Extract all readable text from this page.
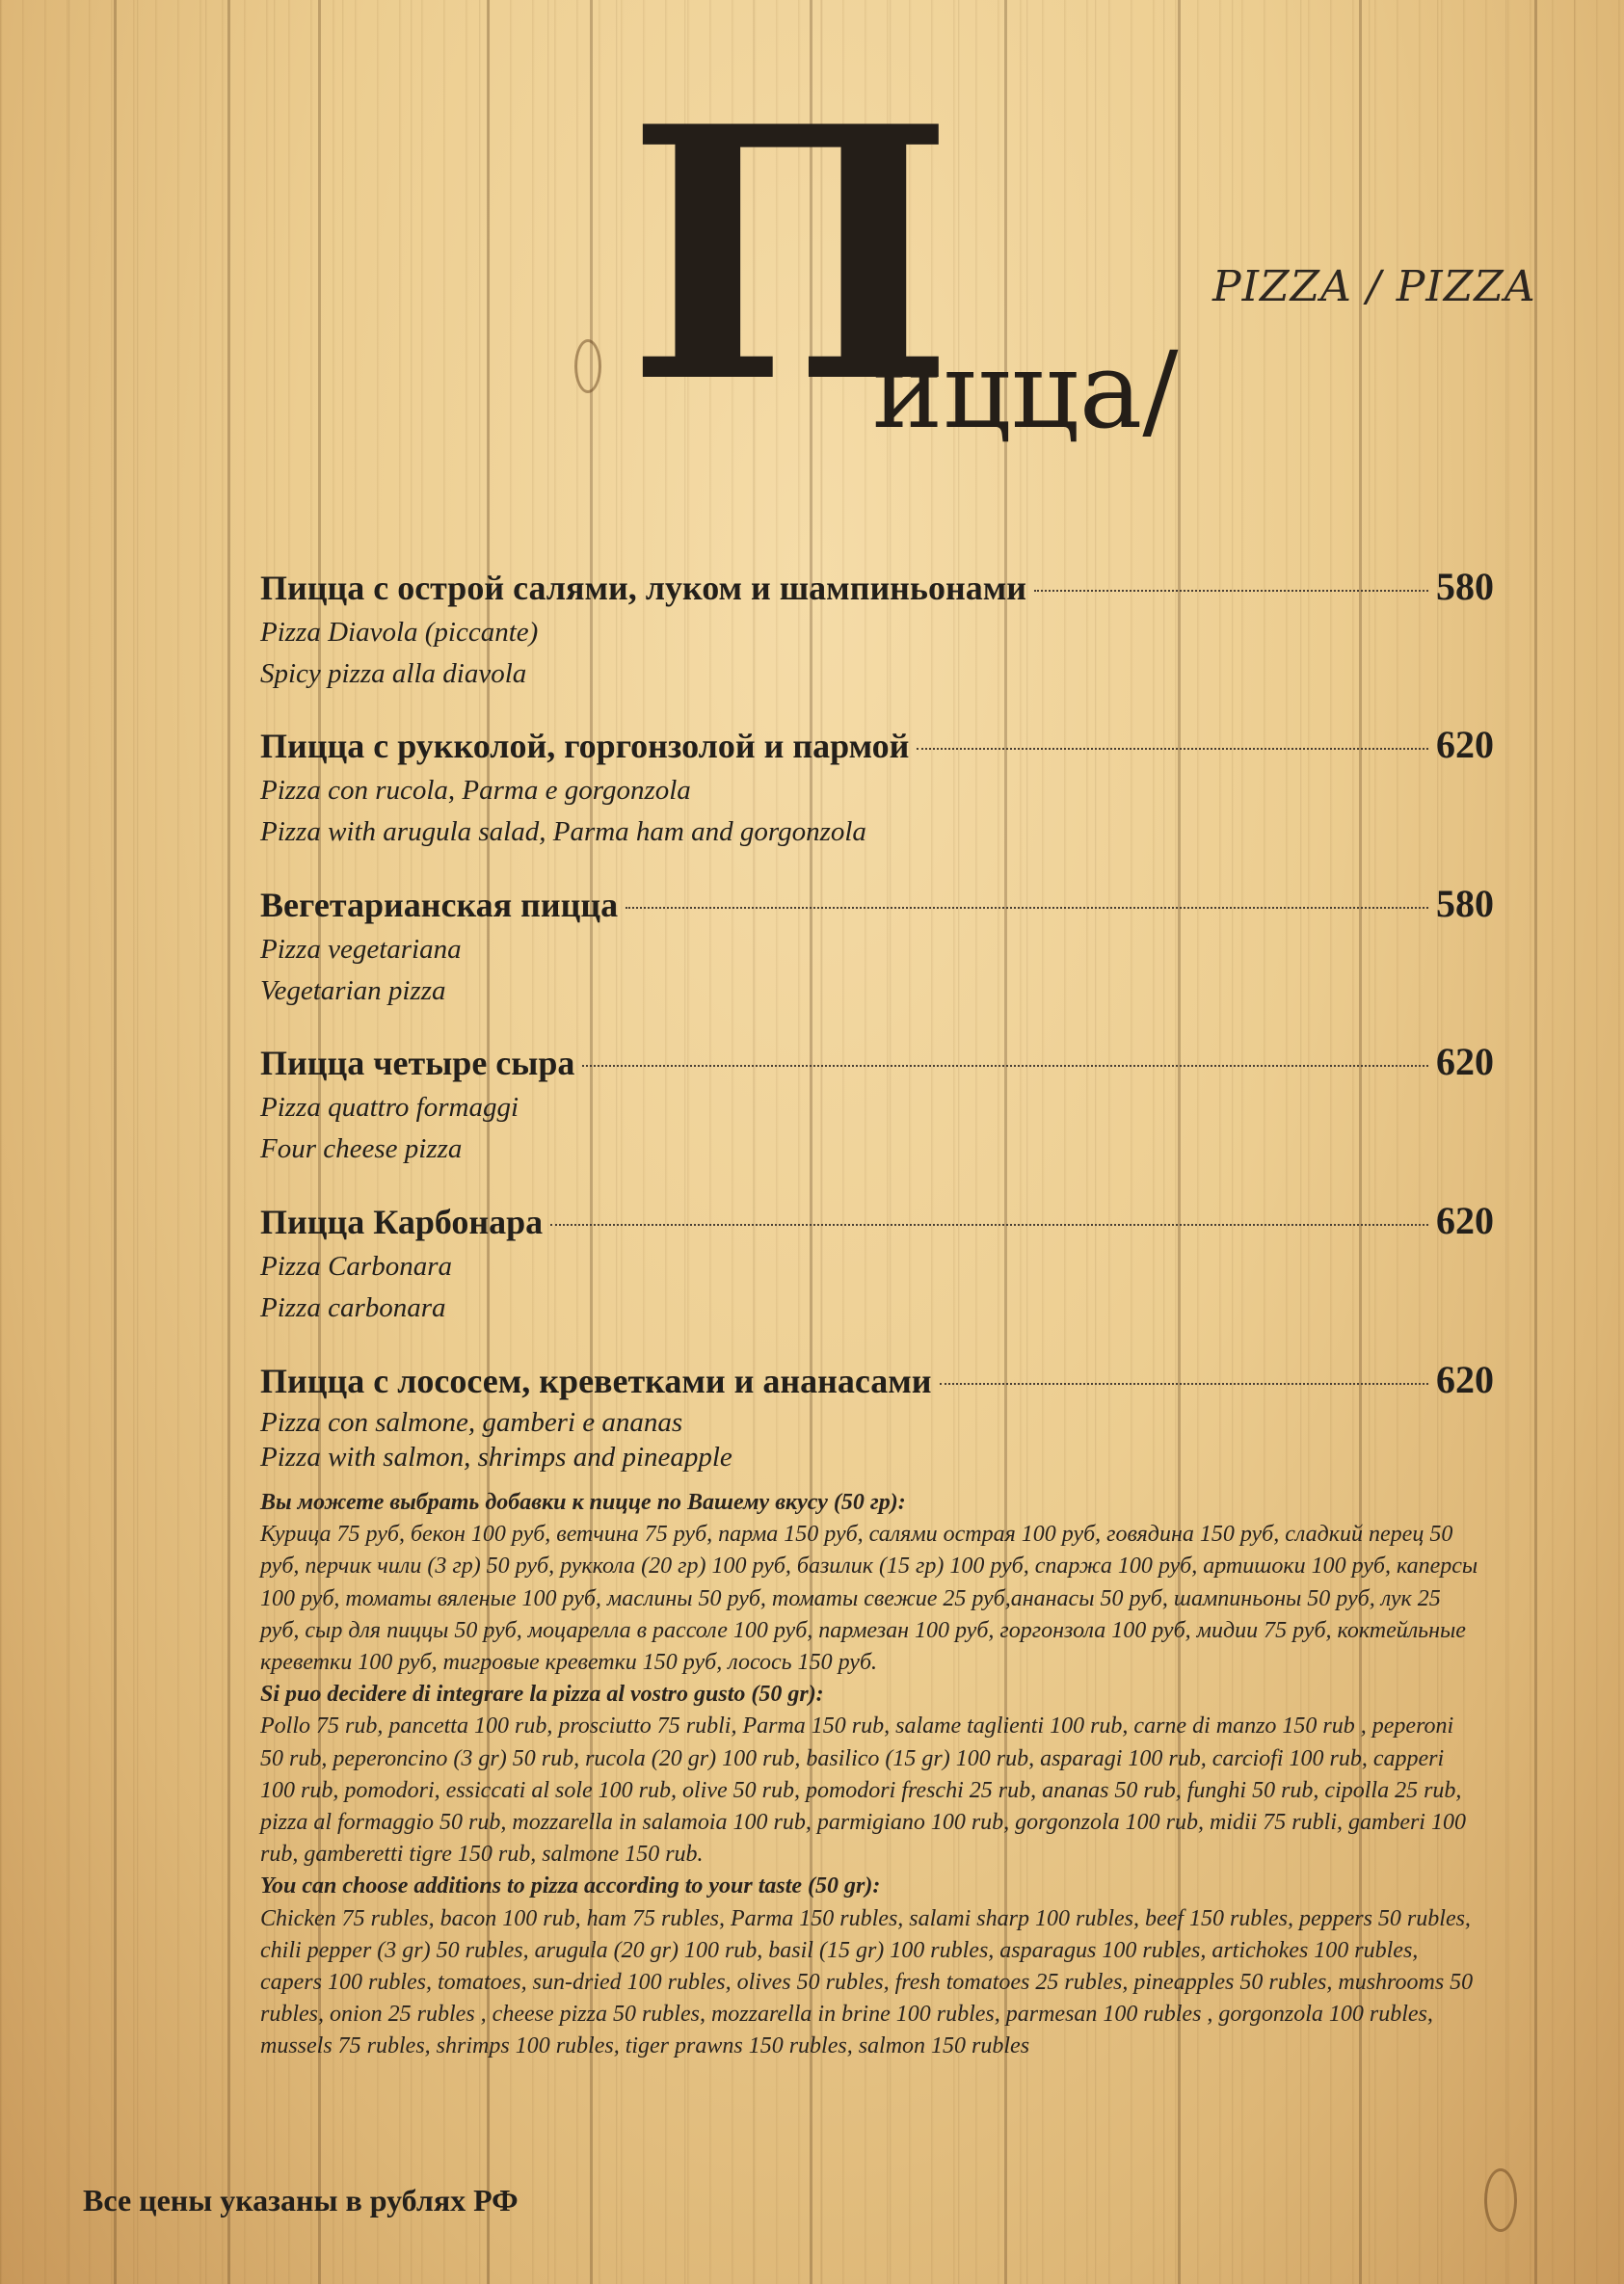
П
ицца/
PIZZA / PIZZA
Пицца с острой салями, луком и шампиньонами	580
Pizza Diavola (piccante)
Spicy pizza alla diavola
Пицца с рукколой, горгонзолой и пармой	620
Pizza con rucola, Parma e gorgonzola
Pizza with arugula salad, Parma ham and gorgonzola
Вегетарианская пицца	580
Pizza vegetariana
Vegetarian pizza
Пицца четыре сыра	620
Pizza quattro formaggi
Four cheese pizza
Пицца Карбонара	620
Pizza Carbonara
Pizza carbonara
Пицца с лососем, креветками и ананасами	620
Pizza con salmone, gamberi e ananas
Pizza with salmon, shrimps and pineapple

Вы можете выбрать добавки к пицце по Вашему вкусу (50 гр):

Курица 75 руб, бекон 100 руб, ветчина 75 руб, парма 150 руб, салями острая 100 руб, говядина 150 руб, сладкий перец 50 руб, перчик чили (3 гр) 50 руб, руккола (20 гр) 100 руб, базилик (15 гр) 100 руб, спаржа 100 руб, артишоки 100 руб, каперсы 100 руб, томаты вяленые 100 руб, маслины 50 руб, томаты свежие 25 руб,ананасы 50 руб, шампиньоны 50 руб, лук 25 руб, сыр для пиццы 50 руб, моцарелла в рассоле 100 руб, пармезан 100 руб, горгонзола 100 руб, мидии 75 руб, коктейльные креветки 100 руб, тигровые креветки 150 руб, лосось 150 руб.

Si puo decidere di integrare la pizza al vostro gusto (50 gr):

Pollo 75 rub, pancetta 100 rub, prosciutto 75 rubli, Parma 150 rub, salame taglienti 100 rub, carne di manzo 150 rub , peperoni 50 rub, peperoncino (3 gr) 50 rub, rucola (20 gr) 100 rub, basilico (15 gr) 100 rub, asparagi 100 rub, carciofi 100 rub, capperi 100 rub, pomodori, essiccati al sole 100 rub, olive 50 rub, pomodori freschi 25 rub, ananas 50 rub, funghi 50 rub, cipolla 25 rub, pizza al formaggio 50 rub, mozzarella in salamoia 100 rub, parmigiano 100 rub, gorgonzola 100 rub, midii 75 rubli, gamberi 100 rub, gamberetti tigre 150 rub, salmone 150 rub.

You can choose additions to pizza according to your taste (50 gr):

Chicken 75 rubles, bacon 100 rub, ham 75 rubles, Parma 150 rubles, salami sharp 100 rubles, beef 150 rubles, peppers 50 rubles, chili pepper (3 gr) 50 rubles, arugula (20 gr) 100 rub, basil (15 gr) 100 rubles, asparagus 100 rubles, artichokes 100 rubles, capers 100 rubles, tomatoes, sun-dried 100 rubles, olives 50 rubles, fresh tomatoes 25 rubles, pineapples 50 rubles, mushrooms 50 rubles, onion 25 rubles , cheese pizza 50 rubles, mozzarella in brine 100 rubles, parmesan 100 rubles , gorgonzola 100 rubles, mussels 75 rubles, shrimps 100 rubles, tiger prawns 150 rubles, salmon 150 rubles

Все цены указаны в рублях РФ
